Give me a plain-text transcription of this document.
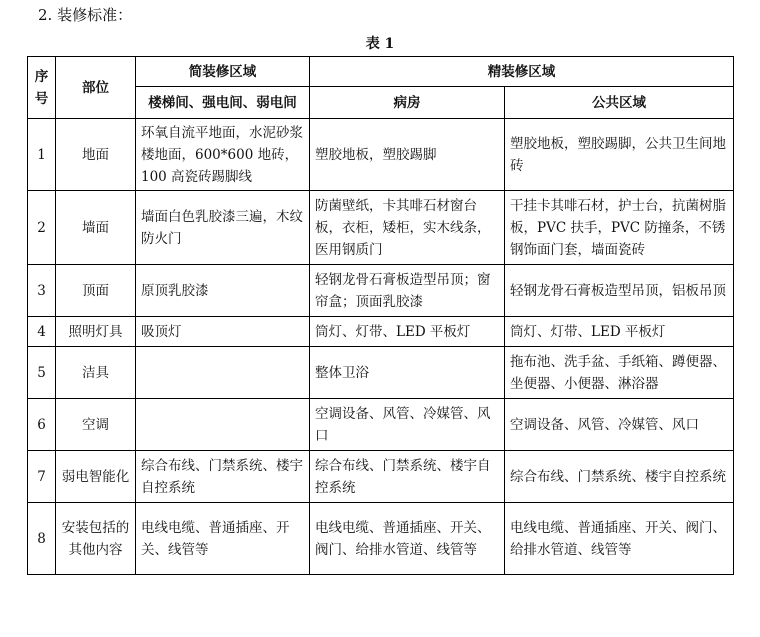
2. 装修标准：
表 1
序号	部位	简装修区域	精装修区域	
		楼梯间、强电间、弱电间	病房	公共区域
1	地面	环氧自流平地面，水泥砂浆楼地面，600*600 地砖，100 高瓷砖踢脚线	塑胶地板，塑胶踢脚	塑胶地板，塑胶踢脚，公共卫生间地砖
2	墙面	墙面白色乳胶漆三遍，木纹防火门	防菌壁纸，卡其啡石材窗台板，衣柜，矮柜，实木线条，医用钢质门	干挂卡其啡石材，护士台，抗菌树脂板，PVC 扶手，PVC 防撞条，不锈钢饰面门套，墙面瓷砖
3	顶面	原顶乳胶漆	轻钢龙骨石膏板造型吊顶；窗帘盒；顶面乳胶漆	轻钢龙骨石膏板造型吊顶，铝板吊顶
4	照明灯具	吸顶灯	筒灯、灯带、LED 平板灯	筒灯、灯带、LED 平板灯
5	洁具		整体卫浴	拖布池、洗手盆、手纸箱、蹲便器、坐便器、小便器、淋浴器
6	空调		空调设备、风管、冷媒管、风口	空调设备、风管、冷媒管、风口
7	弱电智能化	综合布线、门禁系统、楼宇自控系统	综合布线、门禁系统、楼宇自控系统	综合布线、门禁系统、楼宇自控系统
8	安装包括的其他内容	电线电缆、普通插座、开关、线管等	电线电缆、普通插座、开关、阀门、给排水管道、线管等	电线电缆、普通插座、开关、阀门、给排水管道、线管等
